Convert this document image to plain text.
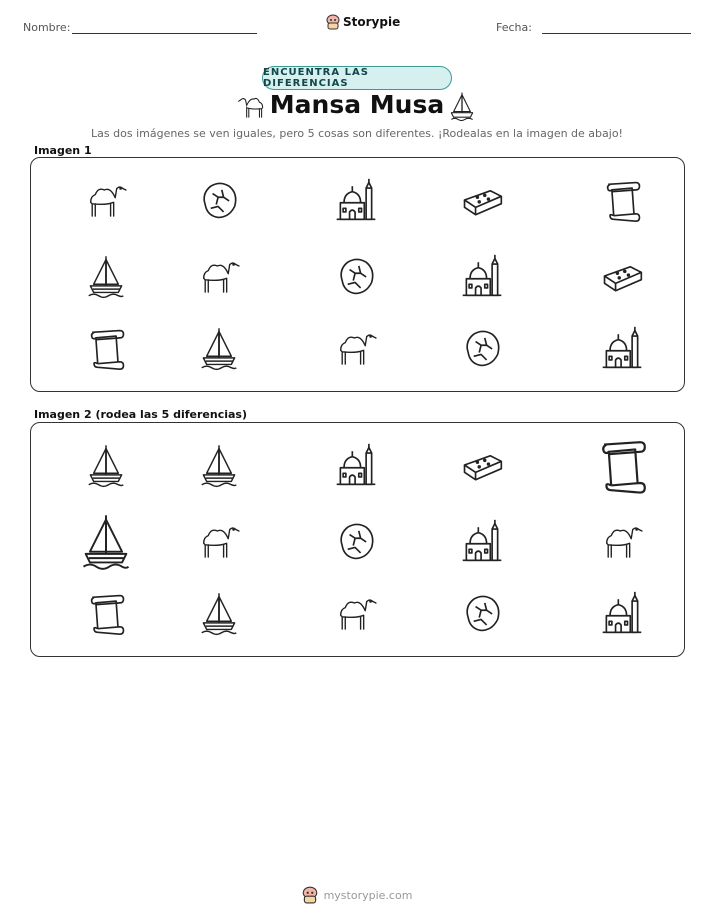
Nombre:	Storypie	Fecha:
ENCUENTRA LAS DIFERENCIAS
Mansa Musa
Las dos imágenes se ven iguales, pero 5 cosas son diferentes. ¡Rodealas en la imagen de abajo!
Imagen 1
Imagen 2 (rodea las 5 diferencias)
mystorypie.com
